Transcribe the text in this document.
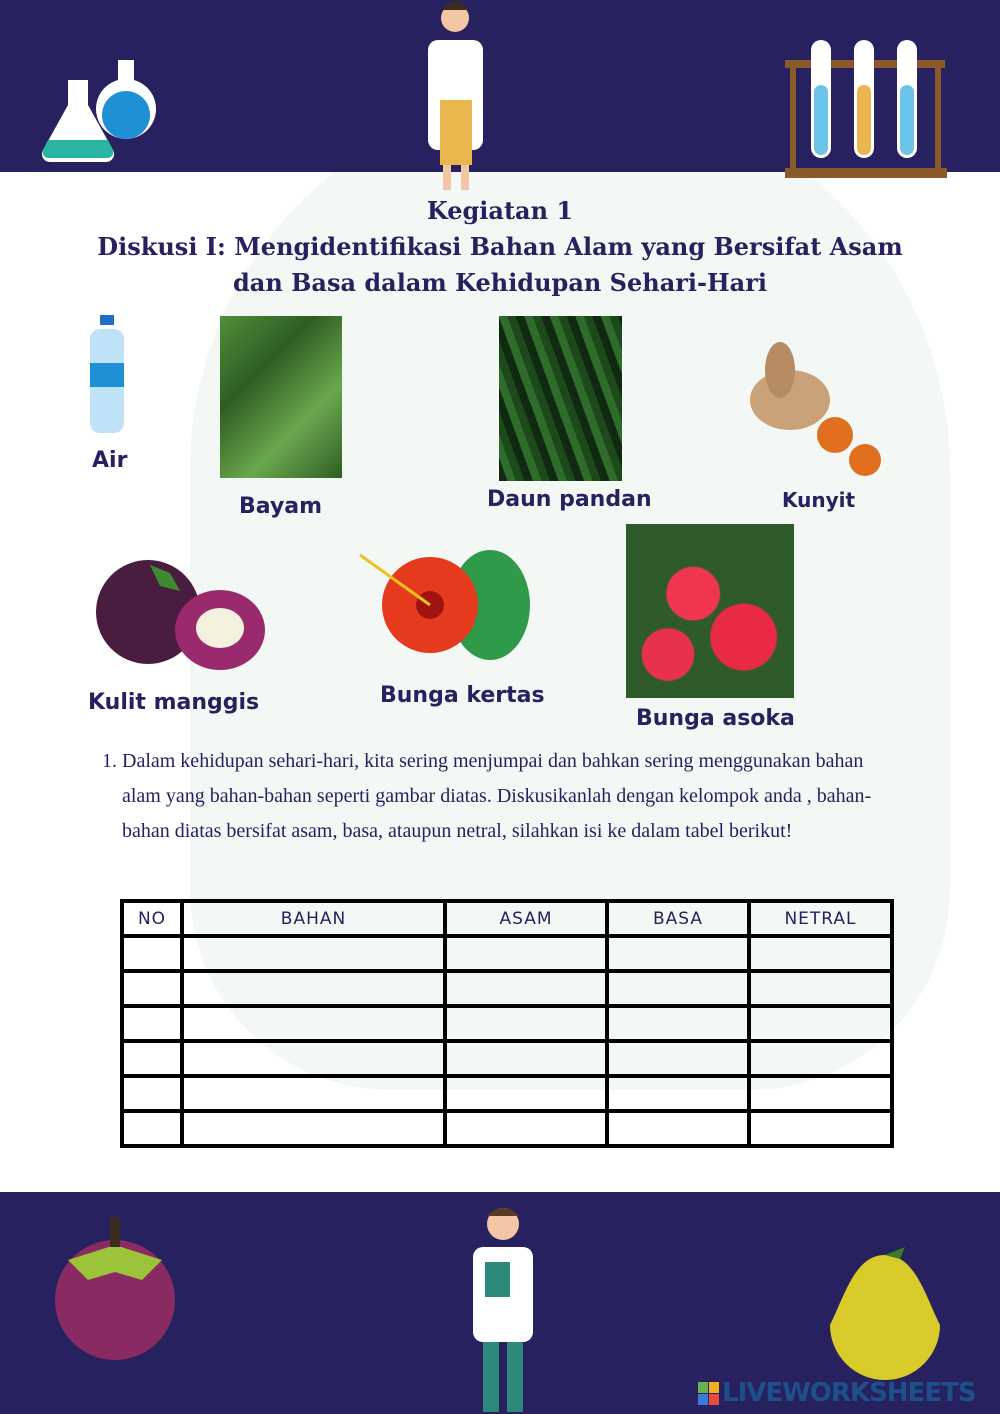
Kegiatan 1
Diskusi I: Mengidentifikasi Bahan Alam yang Bersifat Asam
dan Basa dalam Kehidupan Sehari-Hari
Air
Bayam	Daun pandan	Kunyit
Kulit manggis	Bunga kertas
Bunga asoka
1. Dalam kehidupan sehari-hari, kita sering menjumpai dan bahkan sering menggunakan bahan alam yang bahan-bahan seperti gambar diatas. Diskusikanlah dengan kelompok anda , bahan-bahan diatas bersifat asam, basa, ataupun netral, silahkan isi ke dalam tabel berikut!
NO	BAHAN	ASAM	BASA	NETRAL

LIVEWORKSHEETS
